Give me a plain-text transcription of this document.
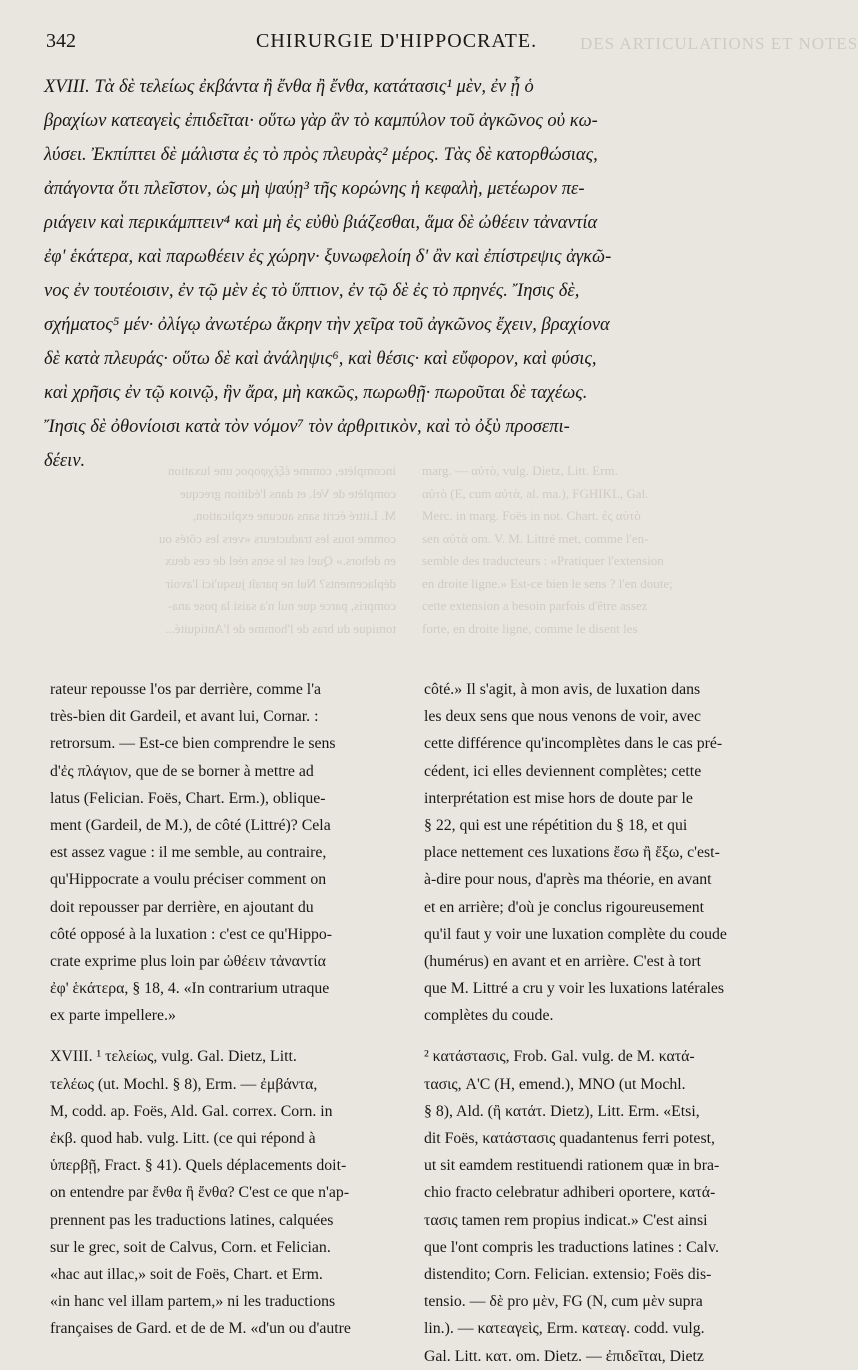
DES ARTICULATIONS ET NOTES
marg. — αὐτὸ, vulg. Dietz, Litt. Erm.
αὐτὸ (E, cum αὐτὰ, al. ma.), FGHIKL, Gal.
Merc. in marg. Foës in not. Chart. ἐς αὐτὸ
sen αὐτὰ om. V. M. Littré met, comme l'en-
semble des traducteurs : «Pratiquer l'extension
en droite ligne.» Est-ce bien le sens ? l'en doute;
cette extension a besoin parfois d'être assez
forte, en droite ligne, comme le disent les
incomplète, comme ἐξέχφορος une luxation
complète de Vel. et dans l'édition grecque
M. Littré écrit sans aucune explication,
comme tous les traducteurs «vers les côtés ou
en dehors.» Quel est le sens réel de ces deux
déplacements? Nul ne paraît jusqu'ici l'avoir
compris, parce que nul n'a saisi la pose ana-
tomique du bras de l'homme de l'Antiquité...
342	CHIRURGIE D'HIPPOCRATE.
XVIII. Τὰ δὲ τελείως ἐκβάντα ἢ ἔνθα ἢ ἔνθα, κατάτασις¹ μὲν, ἐν ᾗ ὁ
βραχίων κατεαγεὶς ἐπιδεῖται· οὕτω γὰρ ἂν τὸ καμπύλον τοῦ ἀγκῶνος οὐ κω-
λύσει. Ἐκπίπτει δὲ μάλιστα ἐς τὸ πρὸς πλευρὰς² μέρος. Τὰς δὲ κατορθώσιας,
ἀπάγοντα ὅτι πλεῖστον, ὡς μὴ ψαύῃ³ τῆς κορώνης ἡ κεφαλὴ, μετέωρον πε-
ριάγειν καὶ περικάμπτειν⁴ καὶ μὴ ἐς εὐθὺ βιάζεσθαι, ἅμα δὲ ὠθέειν τἀναντία
ἐφ' ἑκάτερα, καὶ παρωθέειν ἐς χώρην· ξυνωφελοίη δ' ἂν καὶ ἐπίστρεψις ἀγκῶ-
νος ἐν τουτέοισιν, ἐν τῷ μὲν ἐς τὸ ὕπτιον, ἐν τῷ δὲ ἐς τὸ πρηνές. Ἴησις δὲ,
σχήματος⁵ μέν· ὀλίγῳ ἀνωτέρω ἄκρην τὴν χεῖρα τοῦ ἀγκῶνος ἔχειν, βραχίονα
δὲ κατὰ πλευράς· οὕτω δὲ καὶ ἀνάληψις⁶, καὶ θέσις· καὶ εὔφορον, καὶ φύσις,
καὶ χρῆσις ἐν τῷ κοινῷ, ἣν ἄρα, μὴ κακῶς, πωρωθῇ· πωροῦται δὲ ταχέως.
Ἴησις δὲ ὀθονίοισι κατὰ τὸν νόμον⁷ τὸν ἀρθριτικὸν, καὶ τὸ ὀξὺ προσεπι-
δέειν.
rateur repousse l'os par derrière, comme l'a
très-bien dit Gardeil, et avant lui, Cornar. :
retrorsum. — Est-ce bien comprendre le sens
d'ἐς πλάγιον, que de se borner à mettre ad
latus (Felician. Foës, Chart. Erm.), oblique-
ment (Gardeil, de M.), de côté (Littré)? Cela
est assez vague : il me semble, au contraire,
qu'Hippocrate a voulu préciser comment on
doit repousser par derrière, en ajoutant du
côté opposé à la luxation : c'est ce qu'Hippo-
crate exprime plus loin par ὠθέειν τἀναντία
ἐφ' ἑκάτερα, § 18, 4. «In contrarium utraque
ex parte impellere.»
XVIII. ¹ τελείως, vulg. Gal. Dietz, Litt.
τελέως (ut. Mochl. § 8), Erm. — ἐμβάντα,
M, codd. ap. Foës, Ald. Gal. correx. Corn. in
ἐκβ. quod hab. vulg. Litt. (ce qui répond à
ὑπερβῇ, Fract. § 41). Quels déplacements doit-
on entendre par ἔνθα ἢ ἔνθα? C'est ce que n'ap-
prennent pas les traductions latines, calquées
sur le grec, soit de Calvus, Corn. et Felician.
«hac aut illac,» soit de Foës, Chart. et Erm.
«in hanc vel illam partem,» ni les traductions
françaises de Gard. et de de M. «d'un ou d'autre
côté.» Il s'agit, à mon avis, de luxation dans
les deux sens que nous venons de voir, avec
cette différence qu'incomplètes dans le cas pré-
cédent, ici elles deviennent complètes; cette
interprétation est mise hors de doute par le
§ 22, qui est une répétition du § 18, et qui
place nettement ces luxations ἔσω ἢ ἔξω, c'est-
à-dire pour nous, d'après ma théorie, en avant
et en arrière; d'où je conclus rigoureusement
qu'il faut y voir une luxation complète du coude
(humérus) en avant et en arrière. C'est à tort
que M. Littré a cru y voir les luxations latérales
complètes du coude.
² κατάστασις, Frob. Gal. vulg. de M. κατά-
τασις, A'C (H, emend.), MNO (ut Mochl.
§ 8), Ald. (ἢ κατάτ. Dietz), Litt. Erm. «Etsi,
dit Foës, κατάστασις quadantenus ferri potest,
ut sit eamdem restituendi rationem quæ in bra-
chio fracto celebratur adhiberi oportere, κατά-
τασις tamen rem propius indicat.» C'est ainsi
que l'ont compris les traductions latines : Calv.
distendito; Corn. Felician. extensio; Foës dis-
tensio. — δὲ pro μὲν, FG (N, cum μὲν supra
lin.). — κατεαγεὶς, Erm. κατεαγ. codd. vulg.
Gal. Litt. κατ. om. Dietz. — ἐπιδεῖται, Dietz
